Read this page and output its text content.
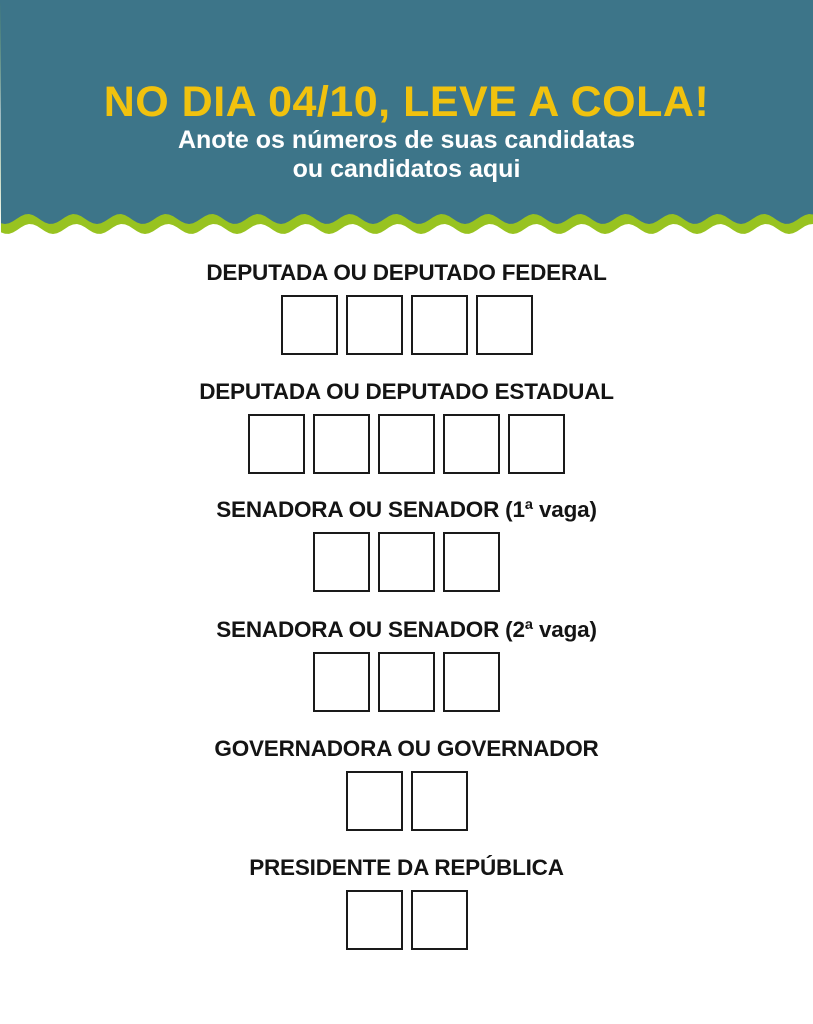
NO DIA 04/10, LEVE A COLA!
Anote os números de suas candidatas
ou candidatos aqui
DEPUTADA OU DEPUTADO FEDERAL
DEPUTADA OU DEPUTADO ESTADUAL
SENADORA OU SENADOR (1ª vaga)
SENADORA OU SENADOR (2ª vaga)
GOVERNADORA OU GOVERNADOR
PRESIDENTE DA REPÚBLICA
